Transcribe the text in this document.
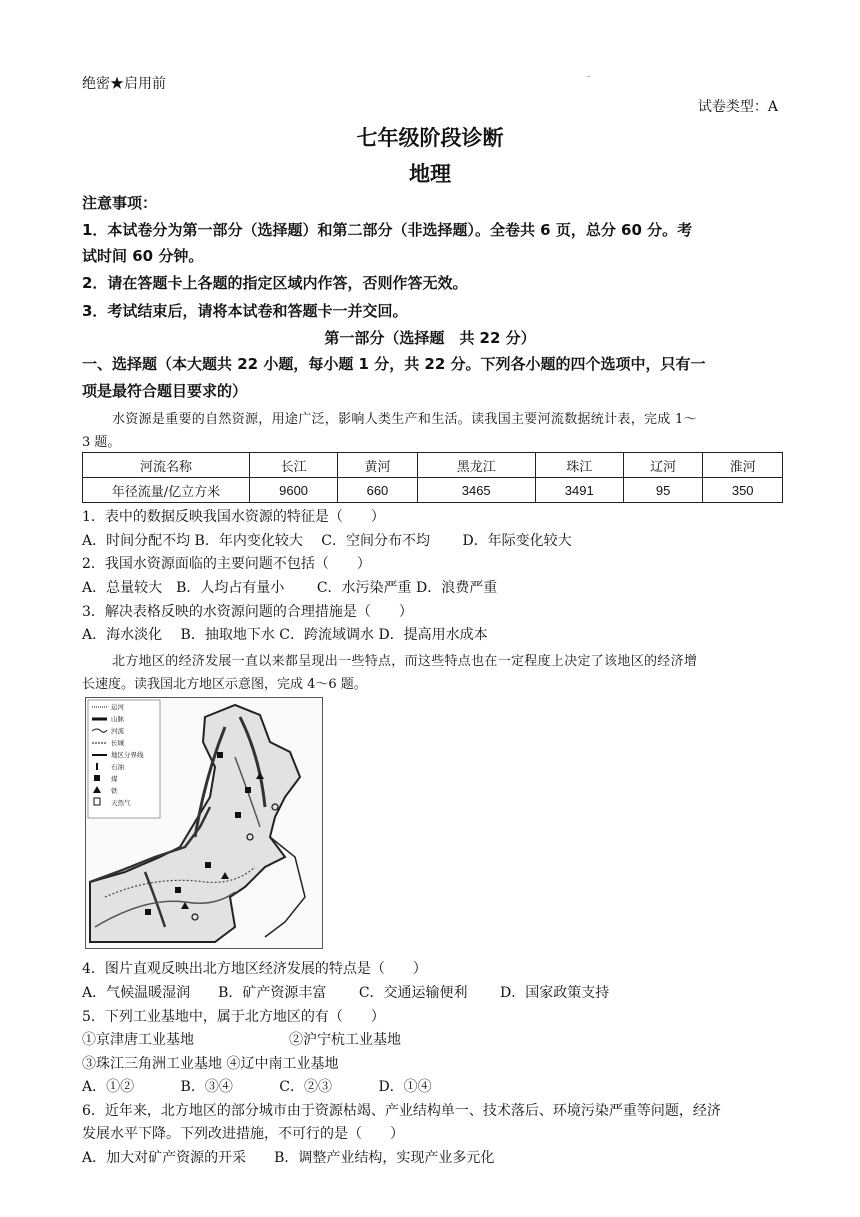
绝密★启用前	-
试卷类型：A
七年级阶段诊断
地理
注意事项：
1．本试卷分为第一部分（选择题）和第二部分（非选择题）。全卷共 6 页，总分 60 分。考
试时间 60 分钟。
2．请在答题卡上各题的指定区域内作答，否则作答无效。
3．考试结束后，请将本试卷和答题卡一并交回。
第一部分（选择题　共 22 分）
一、选择题（本大题共 22 小题，每小题 1 分，共 22 分。下列各小题的四个选项中，只有一
项是最符合题目要求的）
水资源是重要的自然资源，用途广泛，影响人类生产和生活。读我国主要河流数据统计表，完成 1～
3 题。
河流名称	长江	黄河	黑龙江	珠江	辽河	淮河
年径流量/亿立方米	9600	660	3465	3491	95	350
1．表中的数据反映我国水资源的特征是（　　）
A．时间分配不均 B．年内变化较大　 C．空间分布不均　　 D．年际变化较大
2．我国水资源面临的主要问题不包括（　　）
A．总量较大　B．人均占有量小　　 C．水污染严重 D．浪费严重
3．解决表格反映的水资源问题的合理措施是（　　）
A．海水淡化　 B．抽取地下水 C．跨流域调水 D．提高用水成本
北方地区的经济发展一直以来都呈现出一些特点，而这些特点也在一定程度上决定了该地区的经济增
长速度。读我国北方地区示意图，完成 4～6 题。
运河
山脉
河流
长城
地区分界线
石油
煤
铁
天然气
4．图片直观反映出北方地区经济发展的特点是（　　）
A．气候温暖湿润　　B．矿产资源丰富　　 C．交通运输便利　　 D．国家政策支持
5．下列工业基地中，属于北方地区的有（　　）
①京津唐工业基地	②沪宁杭工业基地
③珠江三角洲工业基地 ④辽中南工业基地
A．①②　　　 B．③④　　　 C．②③　　　 D．①④
6．近年来，北方地区的部分城市由于资源枯竭、产业结构单一、技术落后、环境污染严重等问题，经济
发展水平下降。下列改进措施，不可行的是（　　）
A．加大对矿产资源的开采　　B．调整产业结构，实现产业多元化
